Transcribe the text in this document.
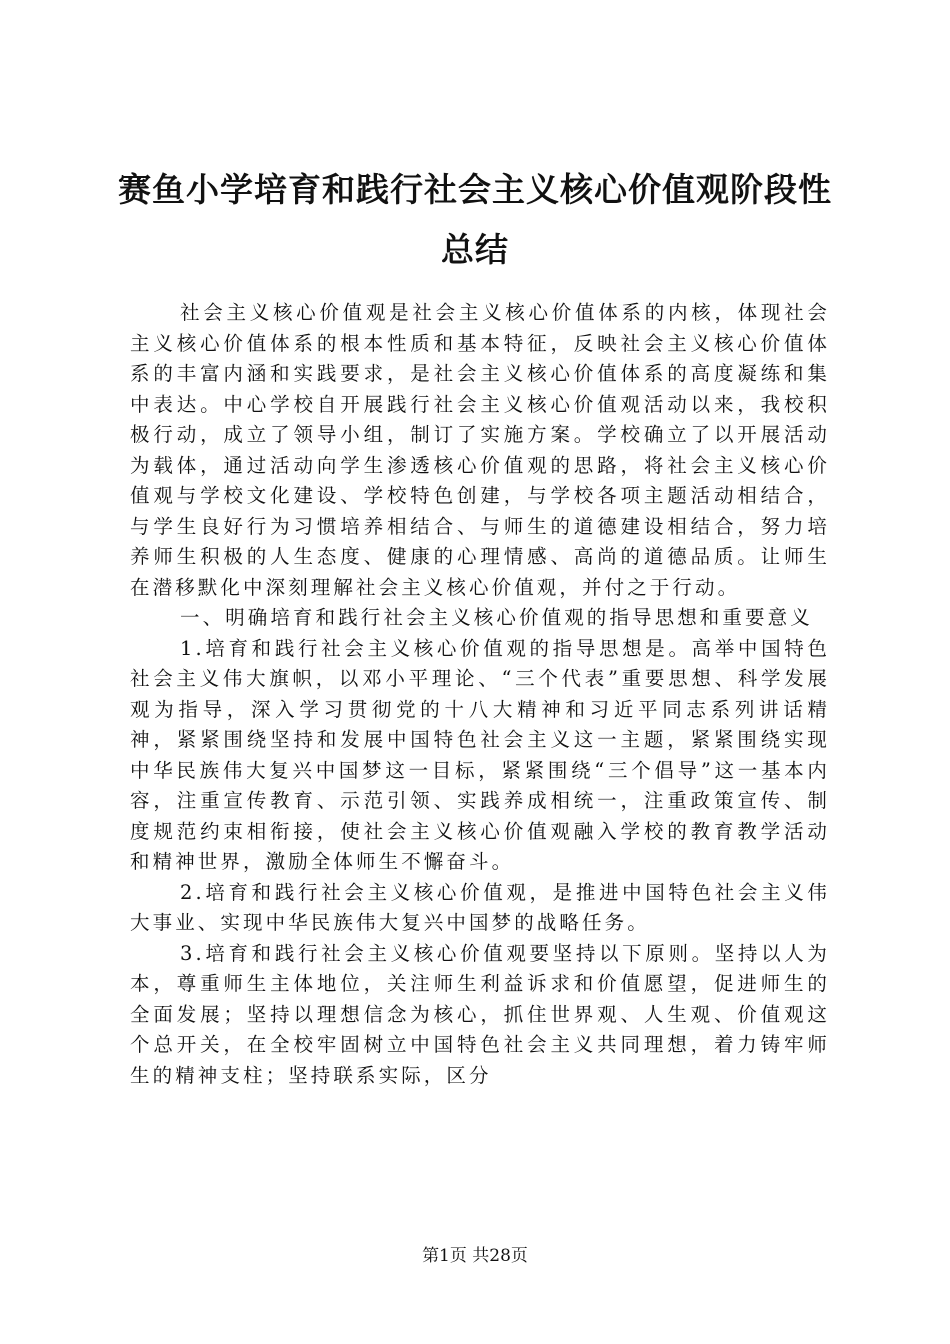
赛鱼小学培育和践行社会主义核心价值观阶段性总结

社会主义核心价值观是社会主义核心价值体系的内核，体现社会主义核心价值体系的根本性质和基本特征，反映社会主义核心价值体系的丰富内涵和实践要求，是社会主义核心价值体系的高度凝练和集中表达。中心学校自开展践行社会主义核心价值观活动以来，我校积极行动，成立了领导小组，制订了实施方案。学校确立了以开展活动为载体，通过活动向学生渗透核心价值观的思路，将社会主义核心价值观与学校文化建设、学校特色创建，与学校各项主题活动相结合，与学生良好行为习惯培养相结合、与师生的道德建设相结合，努力培养师生积极的人生态度、健康的心理情感、高尚的道德品质。让师生在潜移默化中深刻理解社会主义核心价值观，并付之于行动。

一、明确培育和践行社会主义核心价值观的指导思想和重要意义

1.培育和践行社会主义核心价值观的指导思想是。高举中国特色社会主义伟大旗帜，以邓小平理论、“三个代表”重要思想、科学发展观为指导，深入学习贯彻党的十八大精神和习近平同志系列讲话精神，紧紧围绕坚持和发展中国特色社会主义这一主题，紧紧围绕实现中华民族伟大复兴中国梦这一目标，紧紧围绕“三个倡导”这一基本内容，注重宣传教育、示范引领、实践养成相统一，注重政策宣传、制度规范约束相衔接，使社会主义核心价值观融入学校的教育教学活动和精神世界，激励全体师生不懈奋斗。

2.培育和践行社会主义核心价值观，是推进中国特色社会主义伟大事业、实现中华民族伟大复兴中国梦的战略任务。

3.培育和践行社会主义核心价值观要坚持以下原则。坚持以人为本，尊重师生主体地位，关注师生利益诉求和价值愿望，促进师生的全面发展；坚持以理想信念为核心，抓住世界观、人生观、价值观这个总开关，在全校牢固树立中国特色社会主义共同理想，着力铸牢师生的精神支柱；坚持联系实际，区分

第1页 共28页
